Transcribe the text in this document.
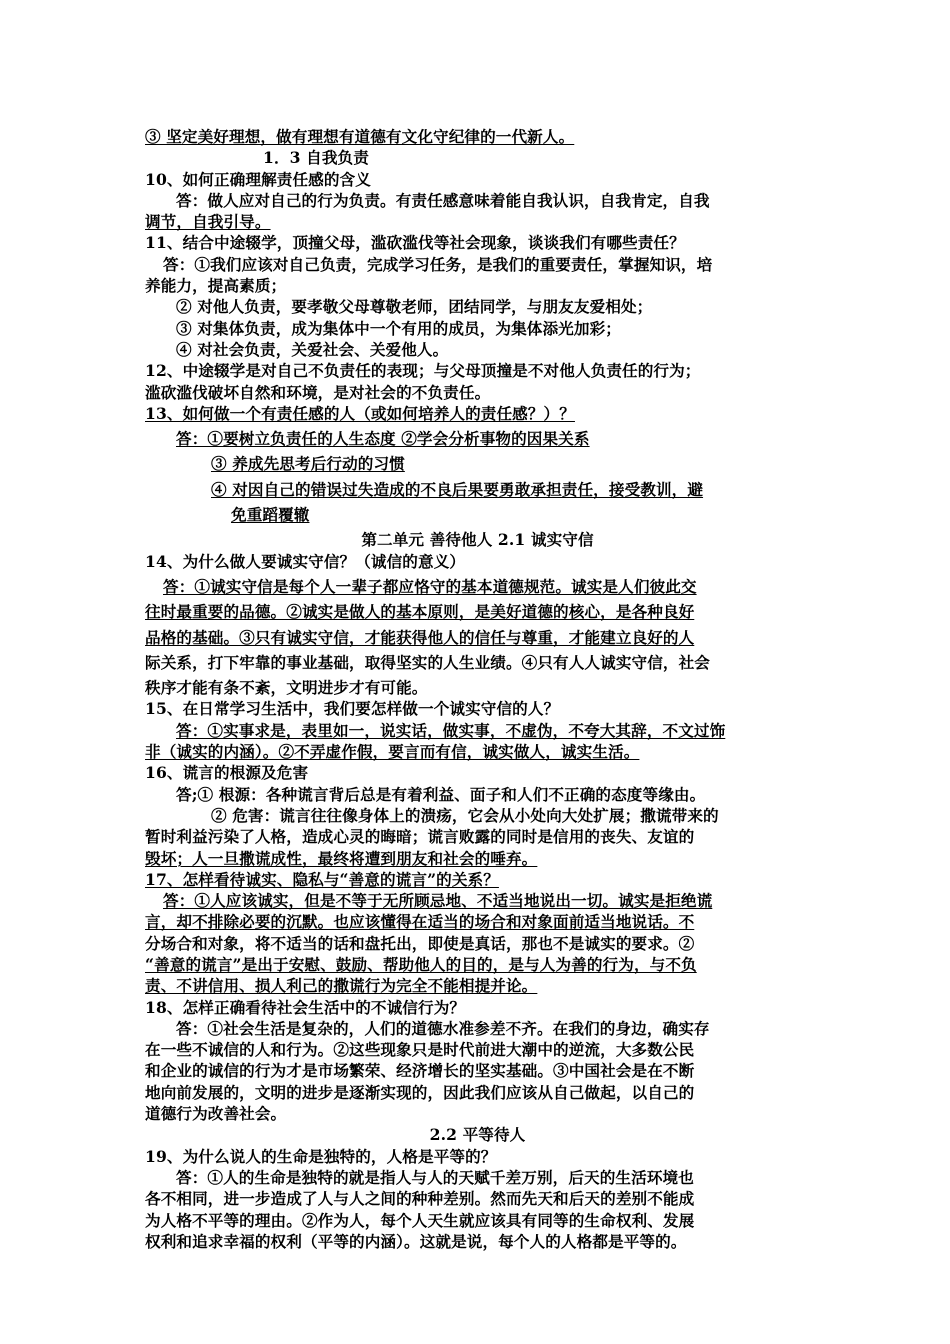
③ 坚定美好理想，做有理想有道德有文化守纪律的一代新人。
1．3 自我负责
10、如何正确理解责任感的含义
答：做人应对自己的行为负责。有责任感意味着能自我认识，自我肯定，自我
调节，自我引导。
11、结合中途辍学，顶撞父母，滥砍滥伐等社会现象，谈谈我们有哪些责任？
答：①我们应该对自己负责，完成学习任务，是我们的重要责任，掌握知识，培
养能力，提高素质；
② 对他人负责，要孝敬父母尊敬老师，团结同学，与朋友友爱相处；
③ 对集体负责，成为集体中一个有用的成员，为集体添光加彩；
④ 对社会负责，关爱社会、关爱他人。
12、中途辍学是对自己不负责任的表现；与父母顶撞是不对他人负责任的行为；
滥砍滥伐破坏自然和环境，是对社会的不负责任。
13、如何做一个有责任感的人（或如何培养人的责任感？）？
答：①要树立负责任的人生态度 ②学会分析事物的因果关系
③ 养成先思考后行动的习惯
④ 对因自己的错误过失造成的不良后果要勇敢承担责任，接受教训，避
免重蹈覆辙
第二单元 善待他人 2.1 诚实守信
14、为什么做人要诚实守信？（诚信的意义）
答：①诚实守信是每个人一辈子都应恪守的基本道德规范。诚实是人们彼此交
往时最重要的品德。②诚实是做人的基本原则，是美好道德的核心，是各种良好
品格的基础。③只有诚实守信，才能获得他人的信任与尊重，才能建立良好的人
际关系，打下牢靠的事业基础，取得坚实的人生业绩。④只有人人诚实守信，社会
秩序才能有条不紊，文明进步才有可能。
15、在日常学习生活中，我们要怎样做一个诚实守信的人？
答：①实事求是，表里如一，说实话，做实事，不虚伪，不夸大其辞，不文过饰
非（诚实的内涵）。②不弄虚作假，要言而有信，诚实做人，诚实生活。
16、谎言的根源及危害
答;① 根源：各种谎言背后总是有着利益、面子和人们不正确的态度等缘由。
② 危害：谎言往往像身体上的溃疡，它会从小处向大处扩展；撒谎带来的
暂时利益污染了人格，造成心灵的晦暗；谎言败露的同时是信用的丧失、友谊的
毁坏；人一旦撒谎成性，最终将遭到朋友和社会的唾弃。
17、怎样看待诚实、隐私与“善意的谎言”的关系？
答：①人应该诚实，但是不等于无所顾忌地、不适当地说出一切。诚实是拒绝谎
言，却不排除必要的沉默。也应该懂得在适当的场合和对象面前适当地说话。不
分场合和对象，将不适当的话和盘托出，即使是真话，那也不是诚实的要求。②
“善意的谎言”是出于安慰、鼓励、帮助他人的目的，是与人为善的行为，与不负
责、不讲信用、损人利己的撒谎行为完全不能相提并论。
18、怎样正确看待社会生活中的不诚信行为？
答：①社会生活是复杂的，人们的道德水准参差不齐。在我们的身边，确实存
在一些不诚信的人和行为。②这些现象只是时代前进大潮中的逆流，大多数公民
和企业的诚信的行为才是市场繁荣、经济增长的坚实基础。③中国社会是在不断
地向前发展的，文明的进步是逐渐实现的，因此我们应该从自己做起，以自己的
道德行为改善社会。
2.2 平等待人
19、为什么说人的生命是独特的，人格是平等的？
答：①人的生命是独特的就是指人与人的天赋千差万别，后天的生活环境也
各不相同，进一步造成了人与人之间的种种差别。然而先天和后天的差别不能成
为人格不平等的理由。②作为人，每个人天生就应该具有同等的生命权利、发展
权利和追求幸福的权利（平等的内涵）。这就是说，每个人的人格都是平等的。
